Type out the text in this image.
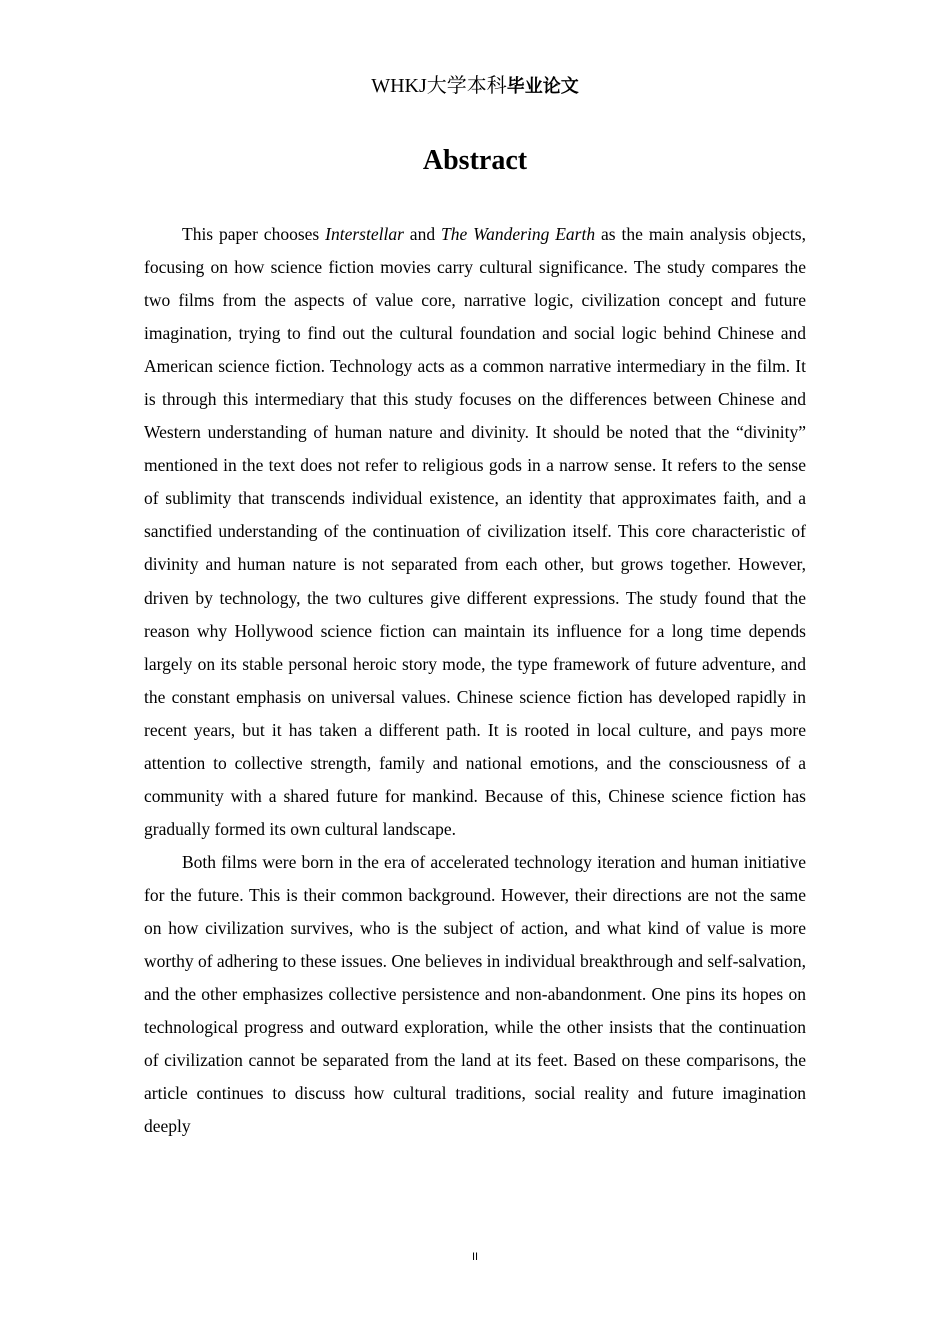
WHKJ大学本科毕业论文
Abstract

This paper chooses Interstellar and The Wandering Earth as the main analysis objects, focusing on how science fiction movies carry cultural significance. The study compares the two films from the aspects of value core, narrative logic, civilization concept and future imagination, trying to find out the cultural foundation and social logic behind Chinese and American science fiction. Technology acts as a common narrative intermediary in the film. It is through this intermediary that this study focuses on the differences between Chinese and Western understanding of human nature and divinity. It should be noted that the “divinity” mentioned in the text does not refer to religious gods in a narrow sense. It refers to the sense of sublimity that transcends individual existence, an identity that approximates faith, and a sanctified understanding of the continuation of civilization itself. This core characteristic of divinity and human nature is not separated from each other, but grows together. However, driven by technology, the two cultures give different expressions. The study found that the reason why Hollywood science fiction can maintain its influence for a long time depends largely on its stable personal heroic story mode, the type framework of future adventure, and the constant emphasis on universal values. Chinese science fiction has developed rapidly in recent years, but it has taken a different path. It is rooted in local culture, and pays more attention to collective strength, family and national emotions, and the consciousness of a community with a shared future for mankind. Because of this, Chinese science fiction has gradually formed its own cultural landscape.

Both films were born in the era of accelerated technology iteration and human initiative for the future. This is their common background. However, their directions are not the same on how civilization survives, who is the subject of action, and what kind of value is more worthy of adhering to these issues. One believes in individual breakthrough and self-salvation, and the other emphasizes collective persistence and non-abandonment. One pins its hopes on technological progress and outward exploration, while the other insists that the continuation of civilization cannot be separated from the land at its feet. Based on these comparisons, the article continues to discuss how cultural traditions, social reality and future imagination deeply

II
